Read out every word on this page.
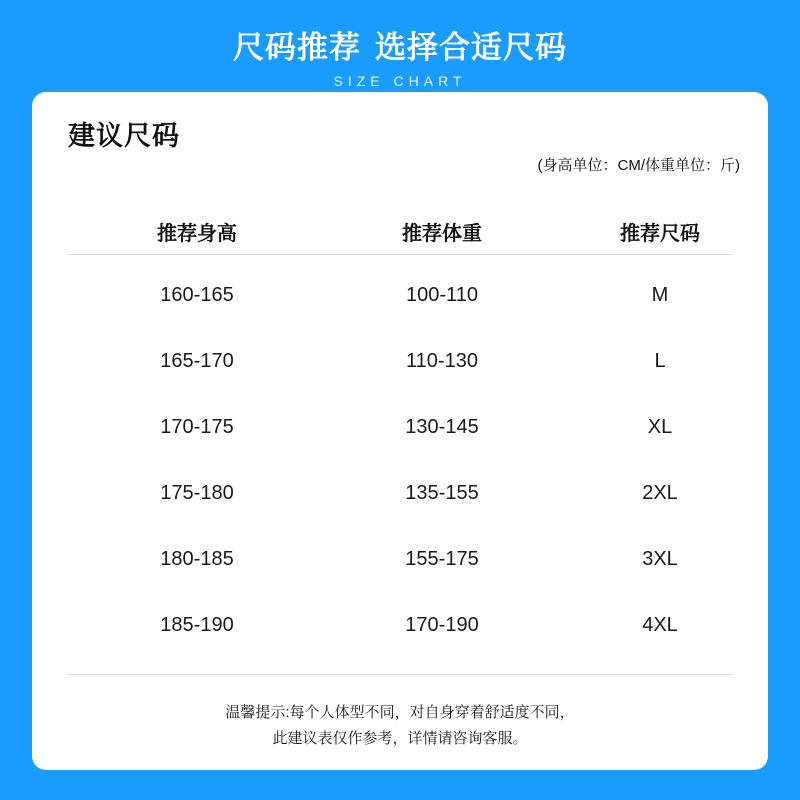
尺码推荐 选择合适尺码
SIZE CHART
建议尺码
(身高单位：CM/体重单位：斤)
推荐身高	推荐体重	推荐尺码
160-165	100-110	M
165-170	110-130	L
170-175	130-145	XL
175-180	135-155	2XL
180-185	155-175	3XL
185-190	170-190	4XL
温馨提示:每个人体型不同，对自身穿着舒适度不同，
此建议表仅作参考，详情请咨询客服。
